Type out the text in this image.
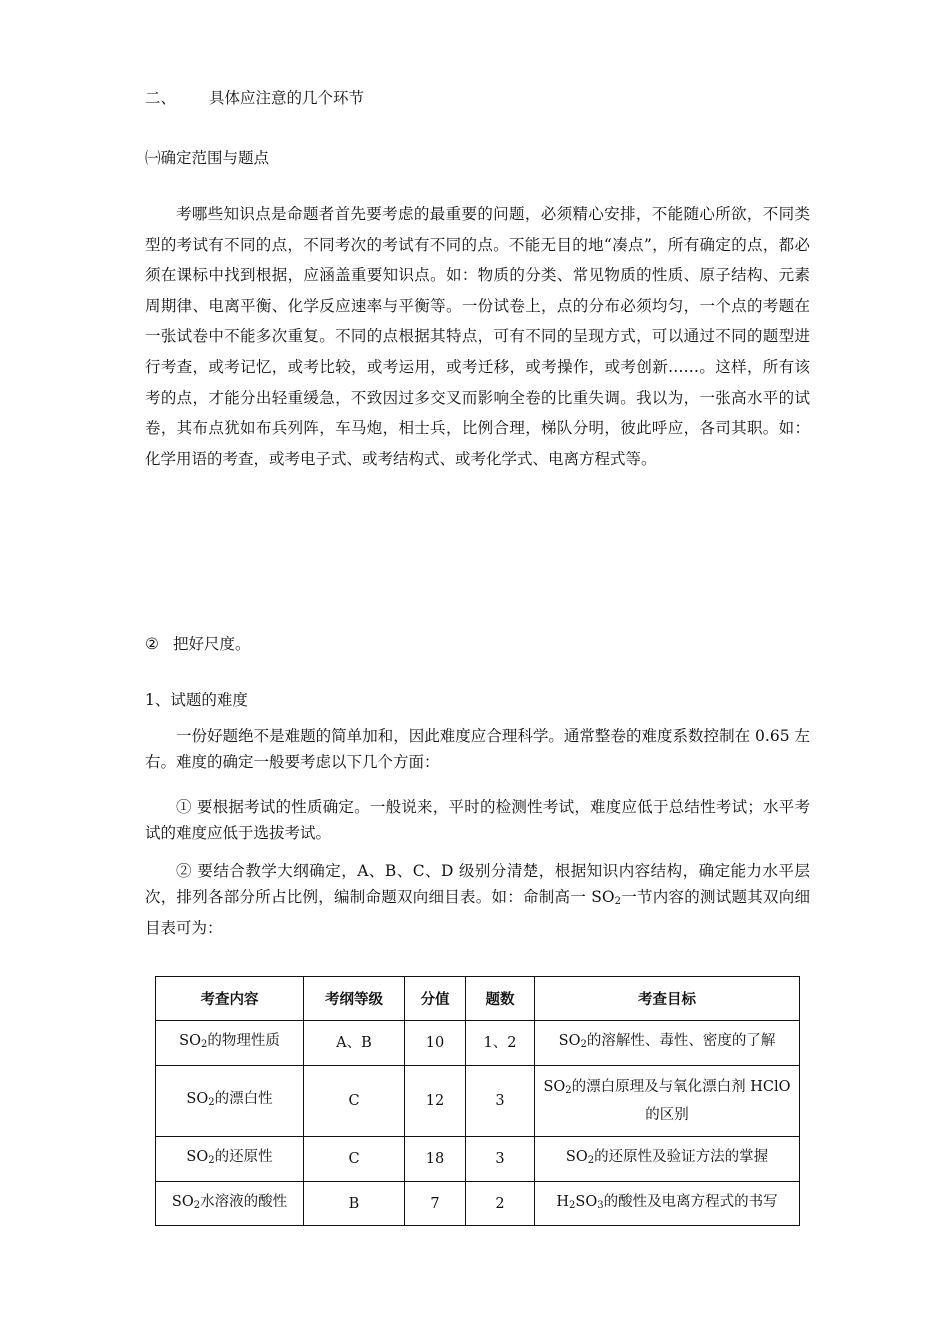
二、 具体应注意的几个环节
㈠确定范围与题点
考哪些知识点是命题者首先要考虑的最重要的问题，必须精心安排，不能随心所欲，不同类型的考试有不同的点，不同考次的考试有不同的点。不能无目的地“凑点”，所有确定的点，都必须在课标中找到根据，应涵盖重要知识点。如：物质的分类、常见物质的性质、原子结构、元素周期律、电离平衡、化学反应速率与平衡等。一份试卷上，点的分布必须均匀，一个点的考题在一张试卷中不能多次重复。不同的点根据其特点，可有不同的呈现方式，可以通过不同的题型进行考查，或考记忆，或考比较，或考运用，或考迁移，或考操作，或考创新……。这样，所有该考的点，才能分出轻重缓急，不致因过多交叉而影响全卷的比重失调。我以为，一张高水平的试卷，其布点犹如布兵列阵，车马炮，相士兵，比例合理，梯队分明，彼此呼应，各司其职。如：化学用语的考查，或考电子式、或考结构式、或考化学式、电离方程式等。
② 把好尺度。
1、试题的难度
一份好题绝不是难题的简单加和，因此难度应合理科学。通常整卷的难度系数控制在 0.65 左右。难度的确定一般要考虑以下几个方面：
① 要根据考试的性质确定。一般说来，平时的检测性考试，难度应低于总结性考试；水平考试的难度应低于选拔考试。
② 要结合教学大纲确定，A、B、C、D 级别分清楚，根据知识内容结构，确定能力水平层次，排列各部分所占比例，编制命题双向细目表。如：命制高一 $SO_2$一节内容的测试题其双向细目表可为：
考查内容	考纲等级	分值	题数	考查目标
$SO_2$的物理性质	A、B	10	1、2	$SO_2$的溶解性、毒性、密度的了解
$SO_2$的漂白性	C	12	3	$SO_2$的漂白原理及与氧化漂白剂 HClO 的区别
$SO_2$的还原性	C	18	3	$SO_2$的还原性及验证方法的掌握
$SO_2$水溶液的酸性	B	7	2	$H_2SO_3$的酸性及电离方程式的书写
